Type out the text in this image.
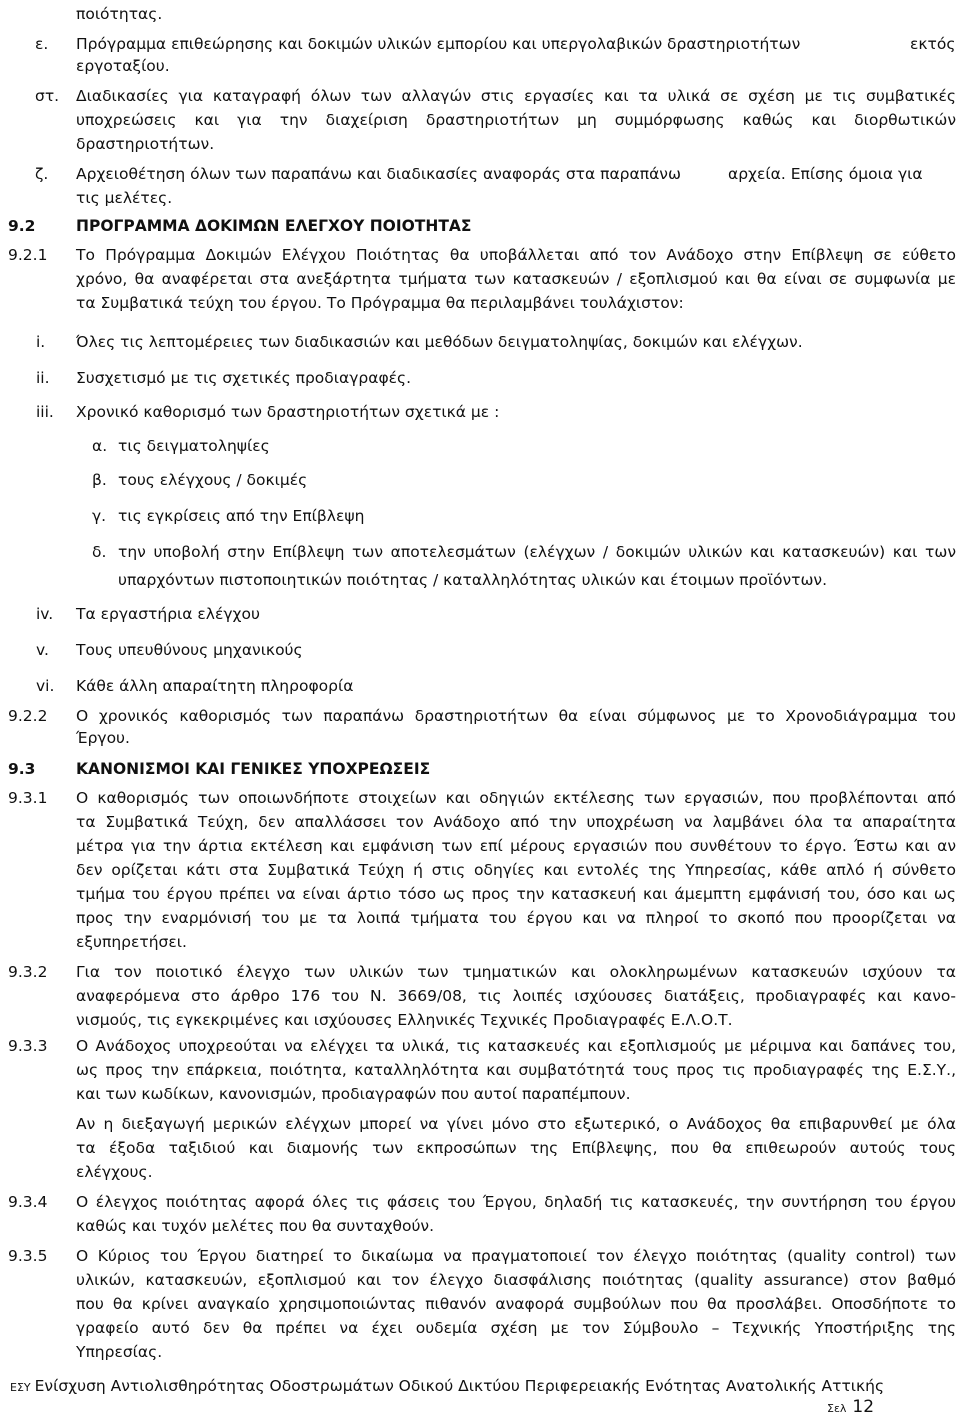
ποιότητας.
ε. Πρόγραμμα επιθεώρησης και δοκιμών υλικών εμπορίου και υπεργολαβικών δραστηριοτήτων	εκτός
εργοταξίου.
στ. Διαδικασίες για καταγραφή όλων των αλλαγών στις εργασίες και τα υλικά σε σχέση με τις συμβατικές
υποχρεώσεις και για την διαχείριση δραστηριοτήτων μη συμμόρφωσης καθώς και διορθωτικών
δραστηριοτήτων.
ζ. Αρχειοθέτηση όλων των παραπάνω και διαδικασίες αναφοράς στα παραπάνω	αρχεία. Επίσης όμοια για
τις μελέτες.
9.2	ΠΡΟΓΡΑΜΜΑ ΔΟΚΙΜΩΝ ΕΛΕΓΧΟΥ ΠΟΙΟΤΗΤΑΣ
9.2.1 Το Πρόγραμμα Δοκιμών Ελέγχου Ποιότητας θα υποβάλλεται από τον Ανάδοχο στην Επίβλεψη σε εύθετο
χρόνο, θα αναφέρεται στα ανεξάρτητα τμήματα των κατασκευών / εξοπλισμού και θα είναι σε συμφωνία με
τα Συμβατικά τεύχη του έργου. Το Πρόγραμμα θα περιλαμβάνει τουλάχιστον:
i. Όλες τις λεπτομέρειες των διαδικασιών και μεθόδων δειγματοληψίας, δοκιμών και ελέγχων.
ii. Συσχετισμό με τις σχετικές προδιαγραφές.
iii. Χρονικό καθορισμό των δραστηριοτήτων σχετικά με :
α. τις δειγματοληψίες
β. τους ελέγχους / δοκιμές
γ. τις εγκρίσεις από την Επίβλεψη
δ. την υποβολή στην Επίβλεψη των αποτελεσμάτων (ελέγχων / δοκιμών υλικών και κατασκευών) και των
υπαρχόντων πιστοποιητικών ποιότητας / καταλληλότητας υλικών και έτοιμων προϊόντων.
iv. Τα εργαστήρια ελέγχου
v. Τους υπευθύνους μηχανικούς
vi. Κάθε άλλη απαραίτητη πληροφορία
9.2.2 Ο χρονικός καθορισμός των παραπάνω δραστηριοτήτων θα είναι σύμφωνος με το Χρονοδιάγραμμα του
Έργου.
9.3	ΚΑΝΟΝΙΣΜΟΙ ΚΑΙ ΓΕΝΙΚΕΣ ΥΠΟΧΡΕΩΣΕΙΣ
9.3.1 Ο καθορισμός των οποιωνδήποτε στοιχείων και οδηγιών εκτέλεσης των εργασιών, που προβλέπονται από
τα Συμβατικά Τεύχη, δεν απαλλάσσει τον Ανάδοχο από την υποχρέωση να λαμβάνει όλα τα απαραίτητα
μέτρα για την άρτια εκτέλεση και εμφάνιση των επί μέρους εργασιών που συνθέτουν το έργο. Έστω και αν
δεν ορίζεται κάτι στα Συμβατικά Τεύχη ή στις οδηγίες και εντολές της Υπηρεσίας, κάθε απλό ή σύνθετο
τμήμα του έργου πρέπει να είναι άρτιο τόσο ως προς την κατασκευή και άμεμπτη εμφάνισή του, όσο και ως
προς την εναρμόνισή του με τα λοιπά τμήματα του έργου και να πληροί το σκοπό που προορίζεται να
εξυπηρετήσει.
9.3.2 Για τον ποιοτικό έλεγχο των υλικών των τμηματικών και ολοκληρωμένων κατασκευών ισχύουν τα
αναφερόμενα στο άρθρο 176 του Ν. 3669/08, τις λοιπές ισχύουσες διατάξεις, προδιαγραφές και κανο-
νισμούς, τις εγκεκριμένες και ισχύουσες Ελληνικές Τεχνικές Προδιαγραφές Ε.Λ.Ο.Τ.
9.3.3 Ο Ανάδοχος υποχρεούται να ελέγχει τα υλικά, τις κατασκευές και εξοπλισμούς με μέριμνα και δαπάνες του,
ως προς την επάρκεια, ποιότητα, καταλληλότητα και συμβατότητά τους προς τις προδιαγραφές της Ε.Σ.Υ.,
και των κωδίκων, κανονισμών, προδιαγραφών που αυτοί παραπέμπουν.
Αν η διεξαγωγή μερικών ελέγχων μπορεί να γίνει μόνο στο εξωτερικό, ο Ανάδοχος θα επιβαρυνθεί με όλα
τα έξοδα ταξιδιού και διαμονής των εκπροσώπων της Επίβλεψης, που θα επιθεωρούν αυτούς τους
ελέγχους.
9.3.4 Ο έλεγχος ποιότητας αφορά όλες τις φάσεις του Έργου, δηλαδή τις κατασκευές, την συντήρηση του έργου
καθώς και τυχόν μελέτες που θα συνταχθούν.
9.3.5 Ο Κύριος του Έργου διατηρεί το δικαίωμα να πραγματοποιεί τον έλεγχο ποιότητας (quality control) των
υλικών, κατασκευών, εξοπλισμού και τον έλεγχο διασφάλισης ποιότητας (quality assurance) στον βαθμό
που θα κρίνει αναγκαίο χρησιμοποιώντας πιθανόν αναφορά συμβούλων που θα προσλάβει. Οποσδήποτε το
γραφείο αυτό δεν θα πρέπει να έχει ουδεμία σχέση με τον Σύμβουλο – Τεχνικής Υποστήριξης της
Υπηρεσίας.
ΕΣΥ Ενίσχυση Αντιολισθηρότητας Οδοστρωμάτων Οδικού Δικτύου Περιφερειακής Ενότητας Ανατολικής Αττικής
Σελ 12
